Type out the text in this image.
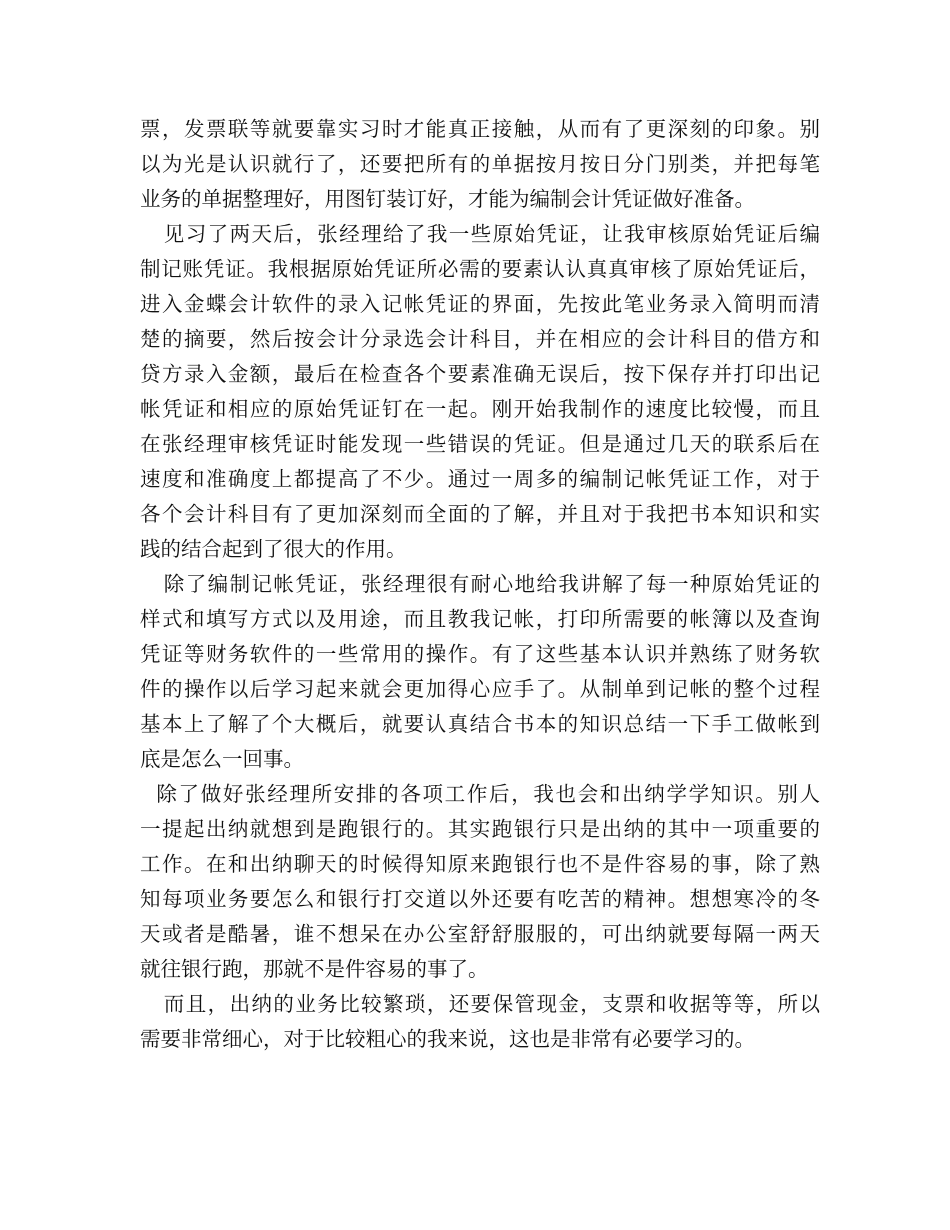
票，发票联等就要靠实习时才能真正接触，从而有了更深刻的印象。别
以为光是认识就行了，还要把所有的单据按月按日分门别类，并把每笔
业务的单据整理好，用图钉装订好，才能为编制会计凭证做好准备。
见习了两天后，张经理给了我一些原始凭证，让我审核原始凭证后编
制记账凭证。我根据原始凭证所必需的要素认认真真审核了原始凭证后，
进入金蝶会计软件的录入记帐凭证的界面，先按此笔业务录入简明而清
楚的摘要，然后按会计分录选会计科目，并在相应的会计科目的借方和
贷方录入金额，最后在检查各个要素准确无误后，按下保存并打印出记
帐凭证和相应的原始凭证钉在一起。刚开始我制作的速度比较慢，而且
在张经理审核凭证时能发现一些错误的凭证。但是通过几天的联系后在
速度和准确度上都提高了不少。通过一周多的编制记帐凭证工作，对于
各个会计科目有了更加深刻而全面的了解，并且对于我把书本知识和实
践的结合起到了很大的作用。
除了编制记帐凭证，张经理很有耐心地给我讲解了每一种原始凭证的
样式和填写方式以及用途，而且教我记帐，打印所需要的帐簿以及查询
凭证等财务软件的一些常用的操作。有了这些基本认识并熟练了财务软
件的操作以后学习起来就会更加得心应手了。从制单到记帐的整个过程
基本上了解了个大概后，就要认真结合书本的知识总结一下手工做帐到
底是怎么一回事。
除了做好张经理所安排的各项工作后，我也会和出纳学学知识。别人
一提起出纳就想到是跑银行的。其实跑银行只是出纳的其中一项重要的
工作。在和出纳聊天的时候得知原来跑银行也不是件容易的事，除了熟
知每项业务要怎么和银行打交道以外还要有吃苦的精神。想想寒冷的冬
天或者是酷暑，谁不想呆在办公室舒舒服服的，可出纳就要每隔一两天
就往银行跑，那就不是件容易的事了。
而且，出纳的业务比较繁琐，还要保管现金，支票和收据等等，所以
需要非常细心，对于比较粗心的我来说，这也是非常有必要学习的。
